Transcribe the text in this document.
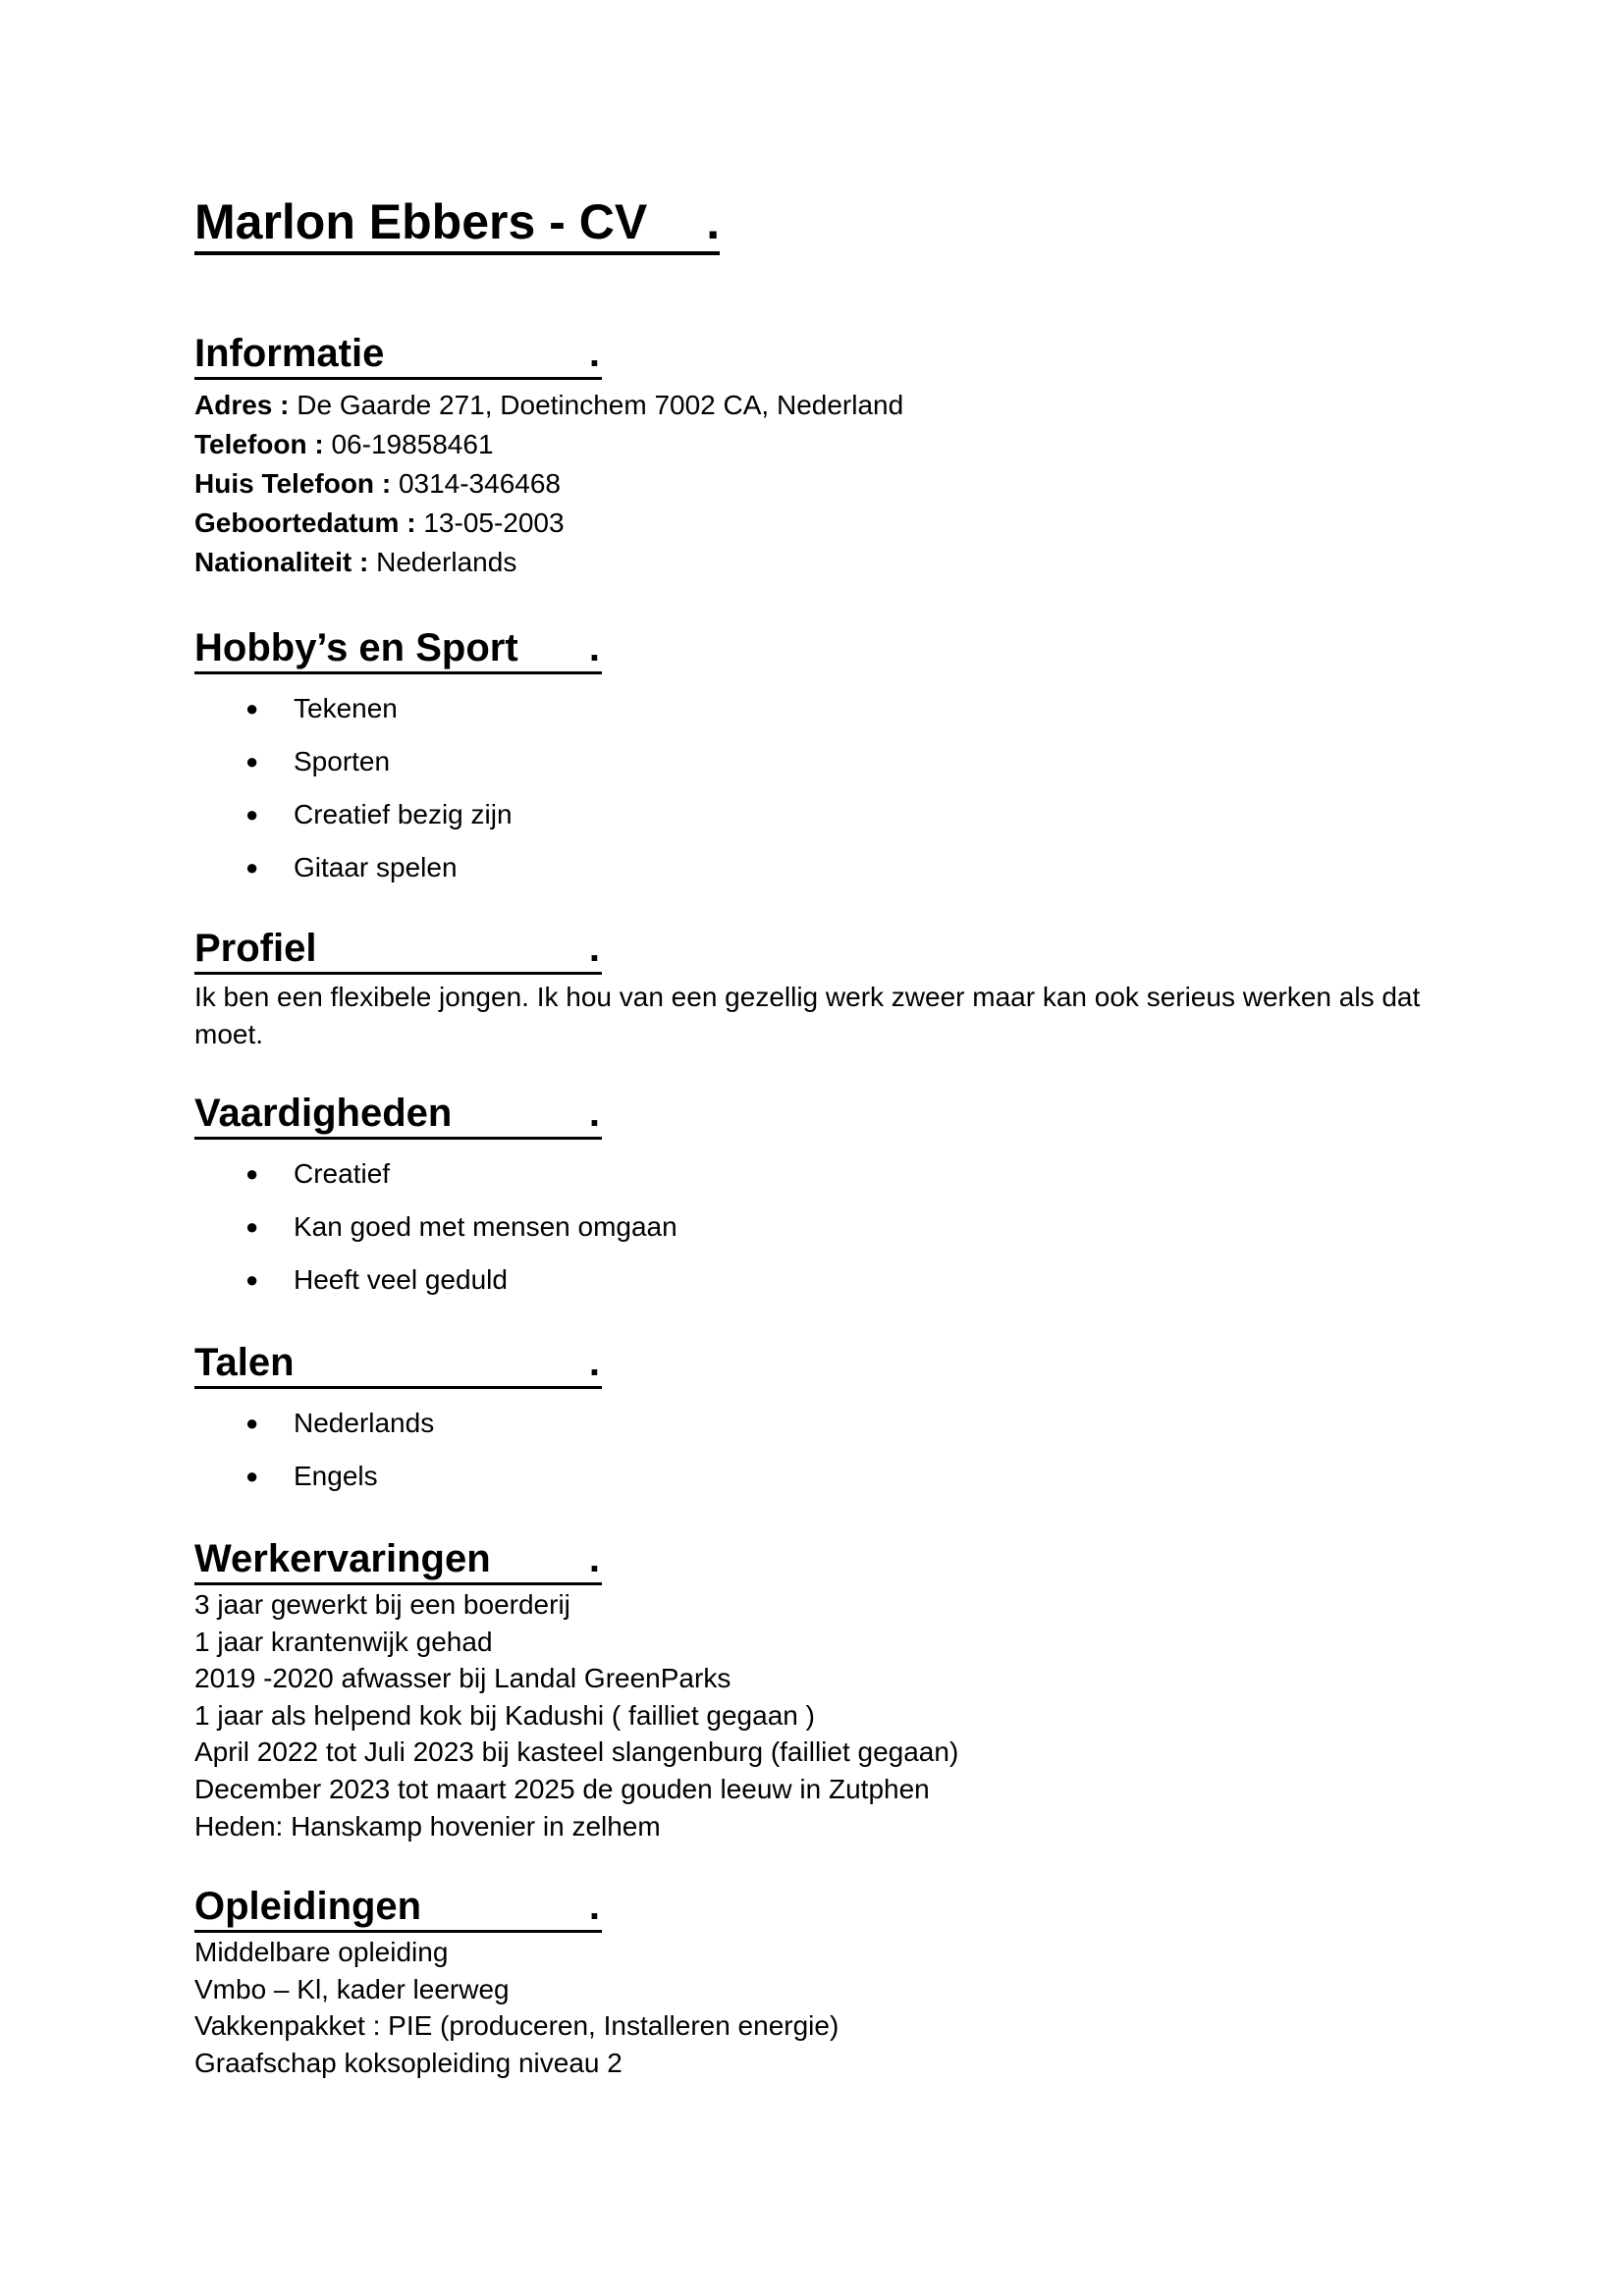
Marlon Ebbers - CV .
Informatie	.

Adres : De Gaarde 271, Doetinchem 7002 CA, Nederland

Telefoon : 06-19858461

Huis Telefoon : 0314-346468

Geboortedatum : 13-05-2003

Nationaliteit : Nederlands

Hobby’s en Sport .
● Tekenen
● Sporten
● Creatief bezig zijn
● Gitaar spelen
Profiel	.

Ik ben een flexibele jongen. Ik hou van een gezellig werk zweer maar kan ook serieus werken als dat moet.

Vaardigheden	.
● Creatief
● Kan goed met mensen omgaan
● Heeft veel geduld
Talen	.
● Nederlands
● Engels
Werkervaringen	.

3 jaar gewerkt bij een boerderij

1 jaar krantenwijk gehad

2019 -2020 afwasser bij Landal GreenParks

1 jaar als helpend kok bij Kadushi ( failliet gegaan )

April 2022 tot Juli 2023 bij kasteel slangenburg (failliet gegaan)

December 2023 tot maart 2025 de gouden leeuw in Zutphen

Heden: Hanskamp hovenier in zelhem

Opleidingen	.

Middelbare opleiding

Vmbo – Kl, kader leerweg

Vakkenpakket : PIE (produceren, Installeren energie)

Graafschap koksopleiding niveau 2
